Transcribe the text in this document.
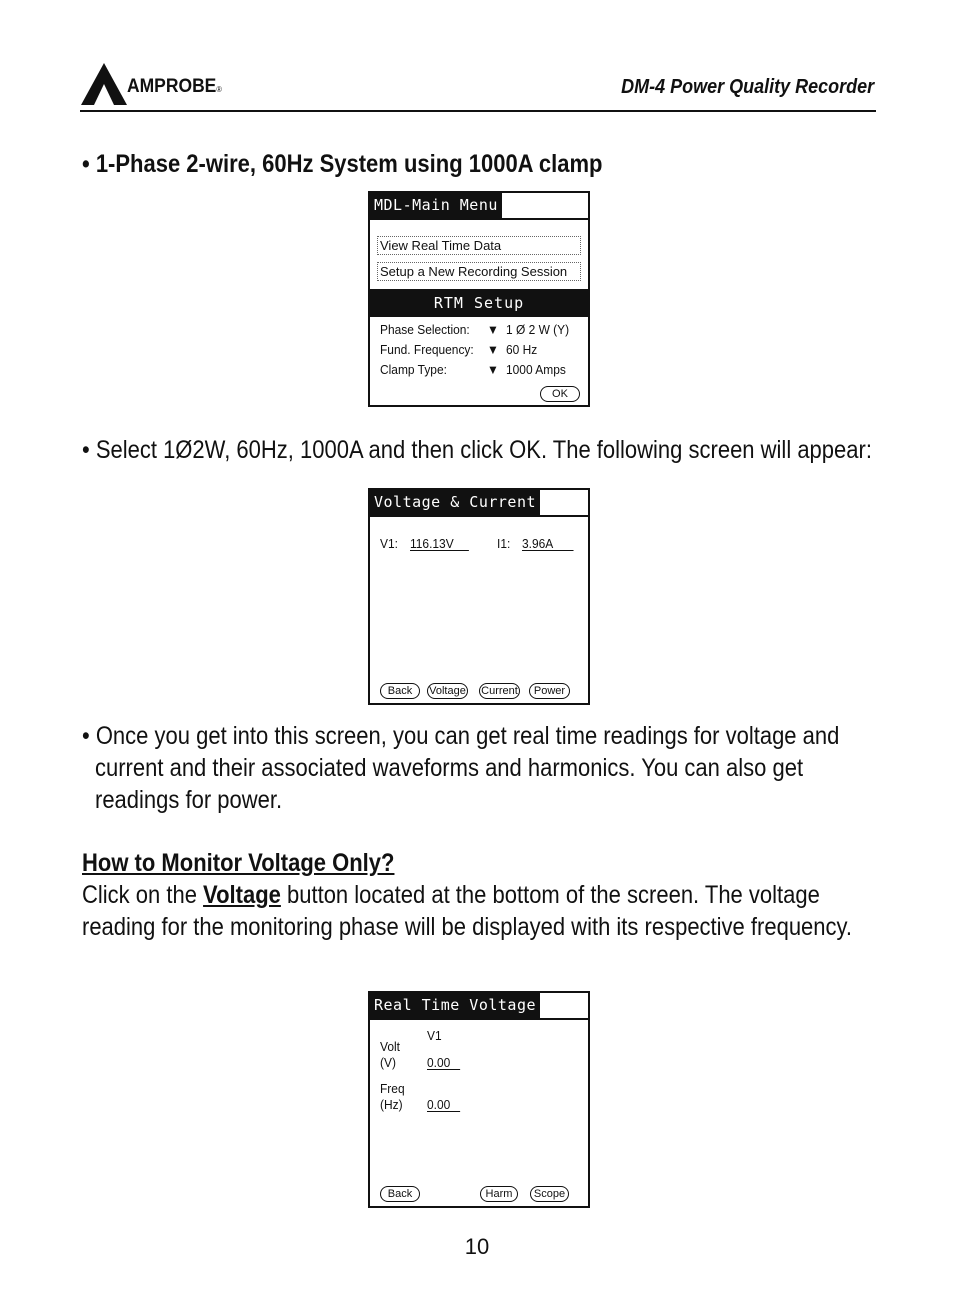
AMPROBE®	DM-4 Power Quality Recorder
• 1-Phase 2-wire, 60Hz System using 1000A clamp
MDL-Main Menu
View Real Time Data
Setup a New Recording Session
RTM Setup
Phase Selection: ▼ 1 Ø 2 W (Y)
Fund. Frequency: ▼ 60 Hz
Clamp Type:	▼ 1000 Amps
OK
• Select 1Ø2W, 60Hz, 1000A and then click OK. The following screen will appear:
Voltage & Current
V1: 116.13V	I1: 3.96A
Back	Voltage Current	Power
• Once you get into this screen, you can get real time readings for voltage and
current and their associated waveforms and harmonics. You can also get
readings for power.
How to Monitor Voltage Only?
Click on the Voltage button located at the bottom of the screen. The voltage
reading for the monitoring phase will be displayed with its respective frequency.
Real Time Voltage
V1
Volt
(V) 0.00
Freq
(Hz) 0.00
Back	Harm	Scope
10
